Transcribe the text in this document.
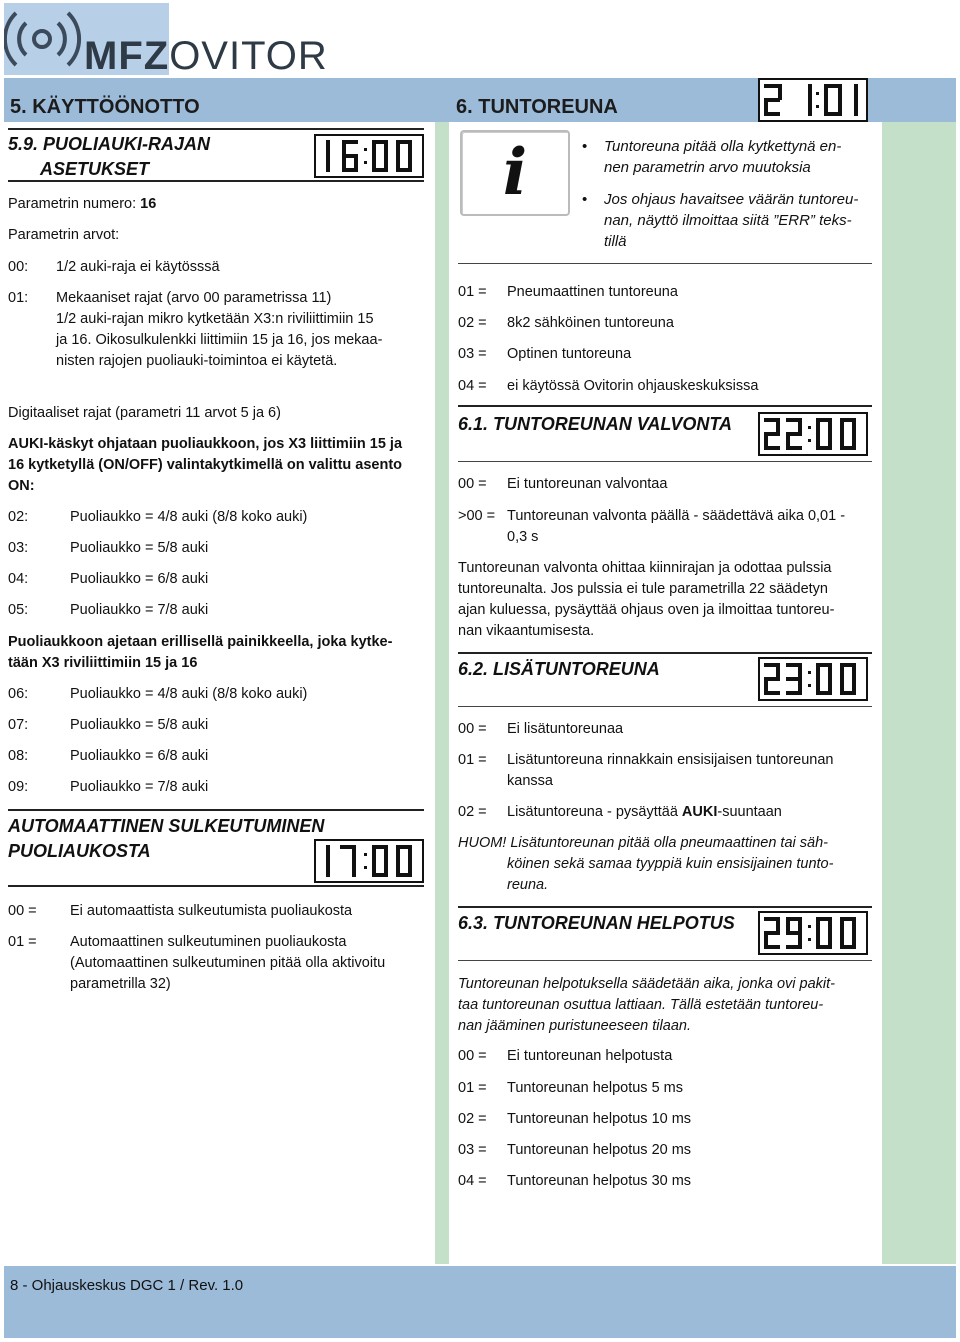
MFZOVITOR
5. KÄYTTÖÖNOTTO	6. TUNTOREUNA
5.9. PUOLIAUKI-RAJAN
ASETUKSET
Parametrin numero: 16
Parametrin arvot:
00: 1/2 auki-raja ei käytösssä
01: Mekaaniset rajat (arvo 00 parametrissa 11)
1/2 auki-rajan mikro kytketään X3:n riviliittimiin 15
ja 16. Oikosulkulenkki liittimiin 15 ja 16, jos mekaa-
nisten rajojen puoliauki-toimintoa ei käytetä.
Digitaaliset rajat (parametri 11 arvot 5 ja 6)
AUKI-käskyt ohjataan puoliaukkoon, jos X3 liittimiin 15 ja
16 kytketyllä (ON/OFF) valintakytkimellä on valittu asento
ON:
02:	Puoliaukko = 4/8 auki (8/8 koko auki)
03:	Puoliaukko = 5/8 auki
04:	Puoliaukko = 6/8 auki
05:	Puoliaukko = 7/8 auki
Puoliaukkoon ajetaan erillisellä painikkeella, joka kytke-
tään X3 riviliittimiin 15 ja 16
06:	Puoliaukko = 4/8 auki (8/8 koko auki)
07:	Puoliaukko = 5/8 auki
08:	Puoliaukko = 6/8 auki
09:	Puoliaukko = 7/8 auki
AUTOMAATTINEN SULKEUTUMINEN
PUOLIAUKOSTA
00 = Ei automaattista sulkeutumista puoliaukosta
01 = Automaattinen sulkeutuminen puoliaukosta
(Automaattinen sulkeutuminen pitää olla aktivoitu
parametrilla 32)
i
•	Tuntoreuna pitää olla kytkettynä en-
nen parametrin arvo muutoksia
• Jos ohjaus havaitsee väärän tuntoreu-
nan, näyttö ilmoittaa siitä ”ERR” teks-
tillä
01 = Pneumaattinen tuntoreuna
02 = 8k2 sähköinen tuntoreuna
03 = Optinen tuntoreuna
04 = ei käytössä Ovitorin ohjauskeskuksissa
6.1. TUNTOREUNAN VALVONTA
00 = Ei tuntoreunan valvontaa
>00 = Tuntoreunan valvonta päällä - säädettävä aika 0,01 -
0,3 s
Tuntoreunan valvonta ohittaa kiinnirajan ja odottaa pulssia
tuntoreunalta. Jos pulssia ei tule parametrilla 22 säädetyn
ajan kuluessa, pysäyttää ohjaus oven ja ilmoittaa tuntoreu-
nan vikaantumisesta.
6.2. LISÄTUNTOREUNA
00 = Ei lisätuntoreunaa
01 = Lisätuntoreuna rinnakkain ensisijaisen tuntoreunan
kanssa
02 = Lisätuntoreuna - pysäyttää AUKI-suuntaan
HUOM! Lisätuntoreunan pitää olla pneumaattinen tai säh-
köinen sekä samaa tyyppiä kuin ensisijainen tunto-
reuna.
6.3. TUNTOREUNAN HELPOTUS
Tuntoreunan helpotuksella säädetään aika, jonka ovi pakit-
taa tuntoreunan osuttua lattiaan. Tällä estetään tuntoreu-
nan jääminen puristuneeseen tilaan.
00 = Ei tuntoreunan helpotusta
01 = Tuntoreunan helpotus 5 ms
02 = Tuntoreunan helpotus 10 ms
03 = Tuntoreunan helpotus 20 ms
04 = Tuntoreunan helpotus 30 ms
8 - Ohjauskeskus DGC 1 / Rev. 1.0
